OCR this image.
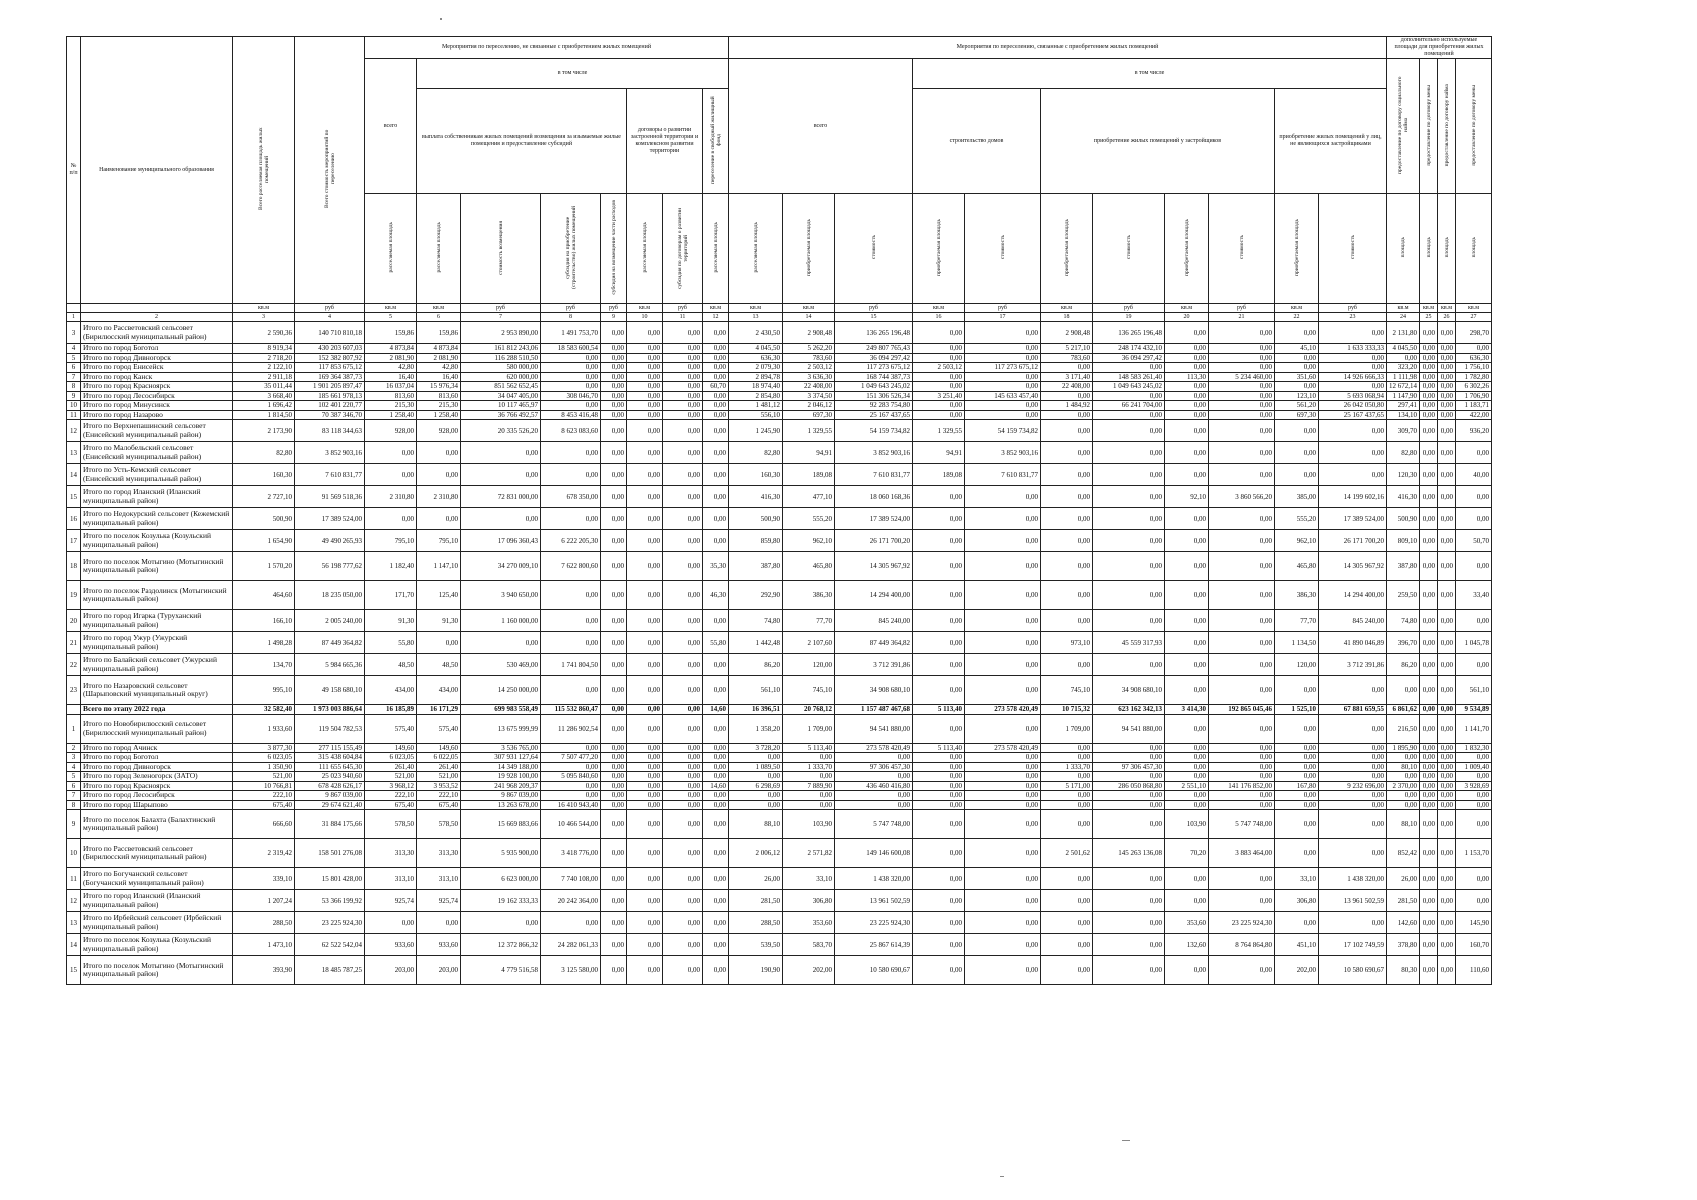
№ п/п	Наименование муниципального образования	Всего расселяемая площадь жилых помещений	Всего стоимость мероприятий по переселению	Мероприятия по переселению, не связанные с приобретением жилых помещений								Мероприятия по переселению, связанные с приобретением жилых помещений											дополнительно используемые площади для приобретения жилых помещений			
				всего	в том числе							всего			в том числе								предоставление по договору социального найма	предоставление по договору мены	предоставление по договору найма	предоставление по договору мены
					выплата собственникам жилых помещений возмещения за изымаемые жилые помещения и предоставление субсидий				договоры о развитии застроенной территории и комплексном развитии территории		переселение в свободный жилищный фонд				строительство домов		приобретение жилых помещений у застройщиков				приобретение жилых помещений у лиц, не являющихся застройщиками					
				расселяемая площадь	расселяемая площадь	стоимость возмещения	субсидия на приобретение (строительство) жилых помещений	субсидия на возмещение части расходов	расселяемая площадь	субсидия по договорам о развитии территорий	расселяемая площадь	расселяемая площадь	приобретаемая площадь	стоимость	приобретаемая площадь	стоимость	приобретаемая площадь	стоимость	приобретаемая площадь	стоимость	приобретаемая площадь	стоимость	площадь	площадь	площадь	площадь
		кв.м	руб	кв.м	кв.м	руб	руб	руб	кв.м	руб	кв.м	кв.м	кв.м	руб	кв.м	руб	кв.м	руб	кв.м	руб	кв.м	руб	кв.м	кв.м	кв.м	кв.м
1	2	3	4	5	6	7	8	9	10	11	12	13	14	15	16	17	18	19	20	21	22	23	24	25	26	27
3	Итого по Рассветовский сельсовет (Бирилюсский муниципальный район)	2 590,36	140 710 810,18	159,86	159,86	2 953 890,00	1 491 753,70	0,00	0,00	0,00	0,00	2 430,50	2 908,48	136 265 196,48	0,00	0,00	2 908,48	136 265 196,48	0,00	0,00	0,00	0,00	2 131,80	0,00	0,00	298,70
4	Итого по город Боготол	8 919,34	430 203 607,03	4 873,84	4 873,84	161 812 243,06	18 583 600,54	0,00	0,00	0,00	0,00	4 045,50	5 262,20	249 807 765,43	0,00	0,00	5 217,10	248 174 432,10	0,00	0,00	45,10	1 633 333,33	4 045,50	0,00	0,00	0,00
5	Итого по город Дивногорск	2 718,20	152 382 807,92	2 081,90	2 081,90	116 288 510,50	0,00	0,00	0,00	0,00	0,00	636,30	783,60	36 094 297,42	0,00	0,00	783,60	36 094 297,42	0,00	0,00	0,00	0,00	0,00	0,00	0,00	636,30
6	Итого по город Енисейск	2 122,10	117 853 675,12	42,80	42,80	580 000,00	0,00	0,00	0,00	0,00	0,00	2 079,30	2 503,12	117 273 675,12	2 503,12	117 273 675,12	0,00	0,00	0,00	0,00	0,00	0,00	323,20	0,00	0,00	1 756,10
7	Итого по город Канск	2 911,18	169 364 387,73	16,40	16,40	620 000,00	0,00	0,00	0,00	0,00	0,00	2 894,78	3 636,30	168 744 387,73	0,00	0,00	3 171,40	148 583 261,40	113,30	5 234 460,00	351,60	14 926 666,33	1 111,98	0,00	0,00	1 782,80
8	Итого по город Красноярск	35 011,44	1 901 205 897,47	16 037,04	15 976,34	851 562 652,45	0,00	0,00	0,00	0,00	60,70	18 974,40	22 408,00	1 049 643 245,02	0,00	0,00	22 408,00	1 049 643 245,02	0,00	0,00	0,00	0,00	12 672,14	0,00	0,00	6 302,26
9	Итого по город Лесосибирск	3 668,40	185 661 978,13	813,60	813,60	34 047 405,00	308 046,70	0,00	0,00	0,00	0,00	2 854,80	3 374,50	151 306 526,34	3 251,40	145 633 457,40	0,00	0,00	0,00	0,00	123,10	5 693 068,94	1 147,90	0,00	0,00	1 706,90
10	Итого по город Минусинск	1 696,42	102 401 220,77	215,30	215,30	10 117 465,97	0,00	0,00	0,00	0,00	0,00	1 481,12	2 046,12	92 283 754,80	0,00	0,00	1 484,92	66 241 704,00	0,00	0,00	561,20	26 042 050,80	297,41	0,00	0,00	1 183,71
11	Итого по город Назарово	1 814,50	70 387 346,70	1 258,40	1 258,40	36 766 492,57	8 453 416,48	0,00	0,00	0,00	0,00	556,10	697,30	25 167 437,65	0,00	0,00	0,00	0,00	0,00	0,00	697,30	25 167 437,65	134,10	0,00	0,00	422,00
12	Итого по Верхнепашинский сельсовет (Енисейский муниципальный район)	2 173,90	83 118 344,63	928,00	928,00	20 335 526,20	8 623 083,60	0,00	0,00	0,00	0,00	1 245,90	1 329,55	54 159 734,82	1 329,55	54 159 734,82	0,00	0,00	0,00	0,00	0,00	0,00	309,70	0,00	0,00	936,20
13	Итого по Малобельский сельсовет (Енисейский муниципальный район)	82,80	3 852 903,16	0,00	0,00	0,00	0,00	0,00	0,00	0,00	0,00	82,80	94,91	3 852 903,16	94,91	3 852 903,16	0,00	0,00	0,00	0,00	0,00	0,00	82,80	0,00	0,00	0,00
14	Итого по Усть-Кемский сельсовет (Енисейский муниципальный район)	160,30	7 610 831,77	0,00	0,00	0,00	0,00	0,00	0,00	0,00	0,00	160,30	189,08	7 610 831,77	189,08	7 610 831,77	0,00	0,00	0,00	0,00	0,00	0,00	120,30	0,00	0,00	40,00
15	Итого по город Иланский (Иланский муниципальный район)	2 727,10	91 569 518,36	2 310,80	2 310,80	72 831 000,00	678 350,00	0,00	0,00	0,00	0,00	416,30	477,10	18 060 168,36	0,00	0,00	0,00	0,00	92,10	3 860 566,20	385,00	14 199 602,16	416,30	0,00	0,00	0,00
16	Итого по Недокурский сельсовет (Кежемский муниципальный район)	500,90	17 389 524,00	0,00	0,00	0,00	0,00	0,00	0,00	0,00	0,00	500,90	555,20	17 389 524,00	0,00	0,00	0,00	0,00	0,00	0,00	555,20	17 389 524,00	500,90	0,00	0,00	0,00
17	Итого по поселок Козулька (Козульский муниципальный район)	1 654,90	49 490 265,93	795,10	795,10	17 096 360,43	6 222 205,30	0,00	0,00	0,00	0,00	859,80	962,10	26 171 700,20	0,00	0,00	0,00	0,00	0,00	0,00	962,10	26 171 700,20	809,10	0,00	0,00	50,70
18	Итого по поселок Мотыгино (Мотыгинский муниципальный район)	1 570,20	56 198 777,62	1 182,40	1 147,10	34 270 009,10	7 622 800,60	0,00	0,00	0,00	35,30	387,80	465,80	14 305 967,92	0,00	0,00	0,00	0,00	0,00	0,00	465,80	14 305 967,92	387,80	0,00	0,00	0,00
19	Итого по поселок Раздолинск (Мотыгинский муниципальный район)	464,60	18 235 050,00	171,70	125,40	3 940 650,00	0,00	0,00	0,00	0,00	46,30	292,90	386,30	14 294 400,00	0,00	0,00	0,00	0,00	0,00	0,00	386,30	14 294 400,00	259,50	0,00	0,00	33,40
20	Итого по город Игарка (Туруханский муниципальный район)	166,10	2 005 240,00	91,30	91,30	1 160 000,00	0,00	0,00	0,00	0,00	0,00	74,80	77,70	845 240,00	0,00	0,00	0,00	0,00	0,00	0,00	77,70	845 240,00	74,80	0,00	0,00	0,00
21	Итого по город Ужур (Ужурский муниципальный район)	1 498,28	87 449 364,82	55,80	0,00	0,00	0,00	0,00	0,00	0,00	55,80	1 442,48	2 107,60	87 449 364,82	0,00	0,00	973,10	45 559 317,93	0,00	0,00	1 134,50	41 890 046,89	396,70	0,00	0,00	1 045,78
22	Итого по Балайский сельсовет (Ужурский муниципальный район)	134,70	5 984 665,36	48,50	48,50	530 469,00	1 741 804,50	0,00	0,00	0,00	0,00	86,20	120,00	3 712 391,86	0,00	0,00	0,00	0,00	0,00	0,00	120,00	3 712 391,86	86,20	0,00	0,00	0,00
23	Итого по Назаровский сельсовет (Шарыповский муниципальный округ)	995,10	49 158 680,10	434,00	434,00	14 250 000,00	0,00	0,00	0,00	0,00	0,00	561,10	745,10	34 908 680,10	0,00	0,00	745,10	34 908 680,10	0,00	0,00	0,00	0,00	0,00	0,00	0,00	561,10
	Всего по этапу 2022 года	32 582,40	1 973 003 886,64	16 185,89	16 171,29	699 983 558,49	115 532 860,47	0,00	0,00	0,00	14,60	16 396,51	20 768,12	1 157 487 467,68	5 113,40	273 578 420,49	10 715,32	623 162 342,13	3 414,30	192 865 045,46	1 525,10	67 881 659,55	6 861,62	0,00	0,00	9 534,89
1	Итого по Новобирилюсский сельсовет (Бирилюсский муниципальный район)	1 933,60	119 504 782,53	575,40	575,40	13 675 999,99	11 286 902,54	0,00	0,00	0,00	0,00	1 358,20	1 709,00	94 541 880,00	0,00	0,00	1 709,00	94 541 880,00	0,00	0,00	0,00	0,00	216,50	0,00	0,00	1 141,70
2	Итого по город Ачинск	3 877,30	277 115 155,49	149,60	149,60	3 536 765,00	0,00	0,00	0,00	0,00	0,00	3 728,20	5 113,40	273 578 420,49	5 113,40	273 578 420,49	0,00	0,00	0,00	0,00	0,00	0,00	1 895,90	0,00	0,00	1 832,30
3	Итого по город Боготол	6 023,05	315 438 604,84	6 023,05	6 022,05	307 931 127,64	7 507 477,20	0,00	0,00	0,00	0,00	0,00	0,00	0,00	0,00	0,00	0,00	0,00	0,00	0,00	0,00	0,00	0,00	0,00	0,00	0,00
4	Итого по город Дивногорск	1 350,90	111 655 645,30	261,40	261,40	14 349 188,00	0,00	0,00	0,00	0,00	0,00	1 089,50	1 333,70	97 306 457,30	0,00	0,00	1 333,70	97 306 457,30	0,00	0,00	0,00	0,00	80,10	0,00	0,00	1 009,40
5	Итого по город Зеленогорск (ЗАТО)	521,00	25 023 940,60	521,00	521,00	19 928 100,00	5 095 840,60	0,00	0,00	0,00	0,00	0,00	0,00	0,00	0,00	0,00	0,00	0,00	0,00	0,00	0,00	0,00	0,00	0,00	0,00	0,00
6	Итого по город Красноярск	10 766,81	678 428 626,17	3 968,12	3 953,52	241 968 209,37	0,00	0,00	0,00	0,00	14,60	6 298,69	7 889,90	436 460 416,80	0,00	0,00	5 171,00	286 050 868,80	2 551,10	141 176 852,00	167,80	9 232 696,00	2 370,00	0,00	0,00	3 928,69
7	Итого по город Лесосибирск	222,10	9 867 039,00	222,10	222,10	9 867 039,00	0,00	0,00	0,00	0,00	0,00	0,00	0,00	0,00	0,00	0,00	0,00	0,00	0,00	0,00	0,00	0,00	0,00	0,00	0,00	0,00
8	Итого по город Шарыпово	675,40	29 674 621,40	675,40	675,40	13 263 678,00	16 410 943,40	0,00	0,00	0,00	0,00	0,00	0,00	0,00	0,00	0,00	0,00	0,00	0,00	0,00	0,00	0,00	0,00	0,00	0,00	0,00
9	Итого по поселок Балахта (Балахтинский муниципальный район)	666,60	31 884 175,66	578,50	578,50	15 669 883,66	10 466 544,00	0,00	0,00	0,00	0,00	88,10	103,90	5 747 748,00	0,00	0,00	0,00	0,00	103,90	5 747 748,00	0,00	0,00	88,10	0,00	0,00	0,00
10	Итого по Рассветовский сельсовет (Бирилюсский муниципальный район)	2 319,42	158 501 276,08	313,30	313,30	5 935 900,00	3 418 776,00	0,00	0,00	0,00	0,00	2 006,12	2 571,82	149 146 600,08	0,00	0,00	2 501,62	145 263 136,08	70,20	3 883 464,00	0,00	0,00	852,42	0,00	0,00	1 153,70
11	Итого по Богучанский сельсовет (Богучанский муниципальный район)	339,10	15 801 428,00	313,10	313,10	6 623 000,00	7 740 108,00	0,00	0,00	0,00	0,00	26,00	33,10	1 438 320,00	0,00	0,00	0,00	0,00	0,00	0,00	33,10	1 438 320,00	26,00	0,00	0,00	0,00
12	Итого по город Иланский (Иланский муниципальный район)	1 207,24	53 366 199,92	925,74	925,74	19 162 333,33	20 242 364,00	0,00	0,00	0,00	0,00	281,50	306,80	13 961 502,59	0,00	0,00	0,00	0,00	0,00	0,00	306,80	13 961 502,59	281,50	0,00	0,00	0,00
13	Итого по Ирбейский сельсовет (Ирбейский муниципальный район)	288,50	23 225 924,30	0,00	0,00	0,00	0,00	0,00	0,00	0,00	0,00	288,50	353,60	23 225 924,30	0,00	0,00	0,00	0,00	353,60	23 225 924,30	0,00	0,00	142,60	0,00	0,00	145,90
14	Итого по поселок Козулька (Козульский муниципальный район)	1 473,10	62 522 542,04	933,60	933,60	12 372 866,32	24 282 061,33	0,00	0,00	0,00	0,00	539,50	583,70	25 867 614,39	0,00	0,00	0,00	0,00	132,60	8 764 864,80	451,10	17 102 749,59	378,80	0,00	0,00	160,70
15	Итого по поселок Мотыгино (Мотыгинский муниципальный район)	393,90	18 485 787,25	203,00	203,00	4 779 516,58	3 125 580,00	0,00	0,00	0,00	0,00	190,90	202,00	10 580 690,67	0,00	0,00	0,00	0,00	0,00	0,00	202,00	10 580 690,67	80,30	0,00	0,00	110,60
